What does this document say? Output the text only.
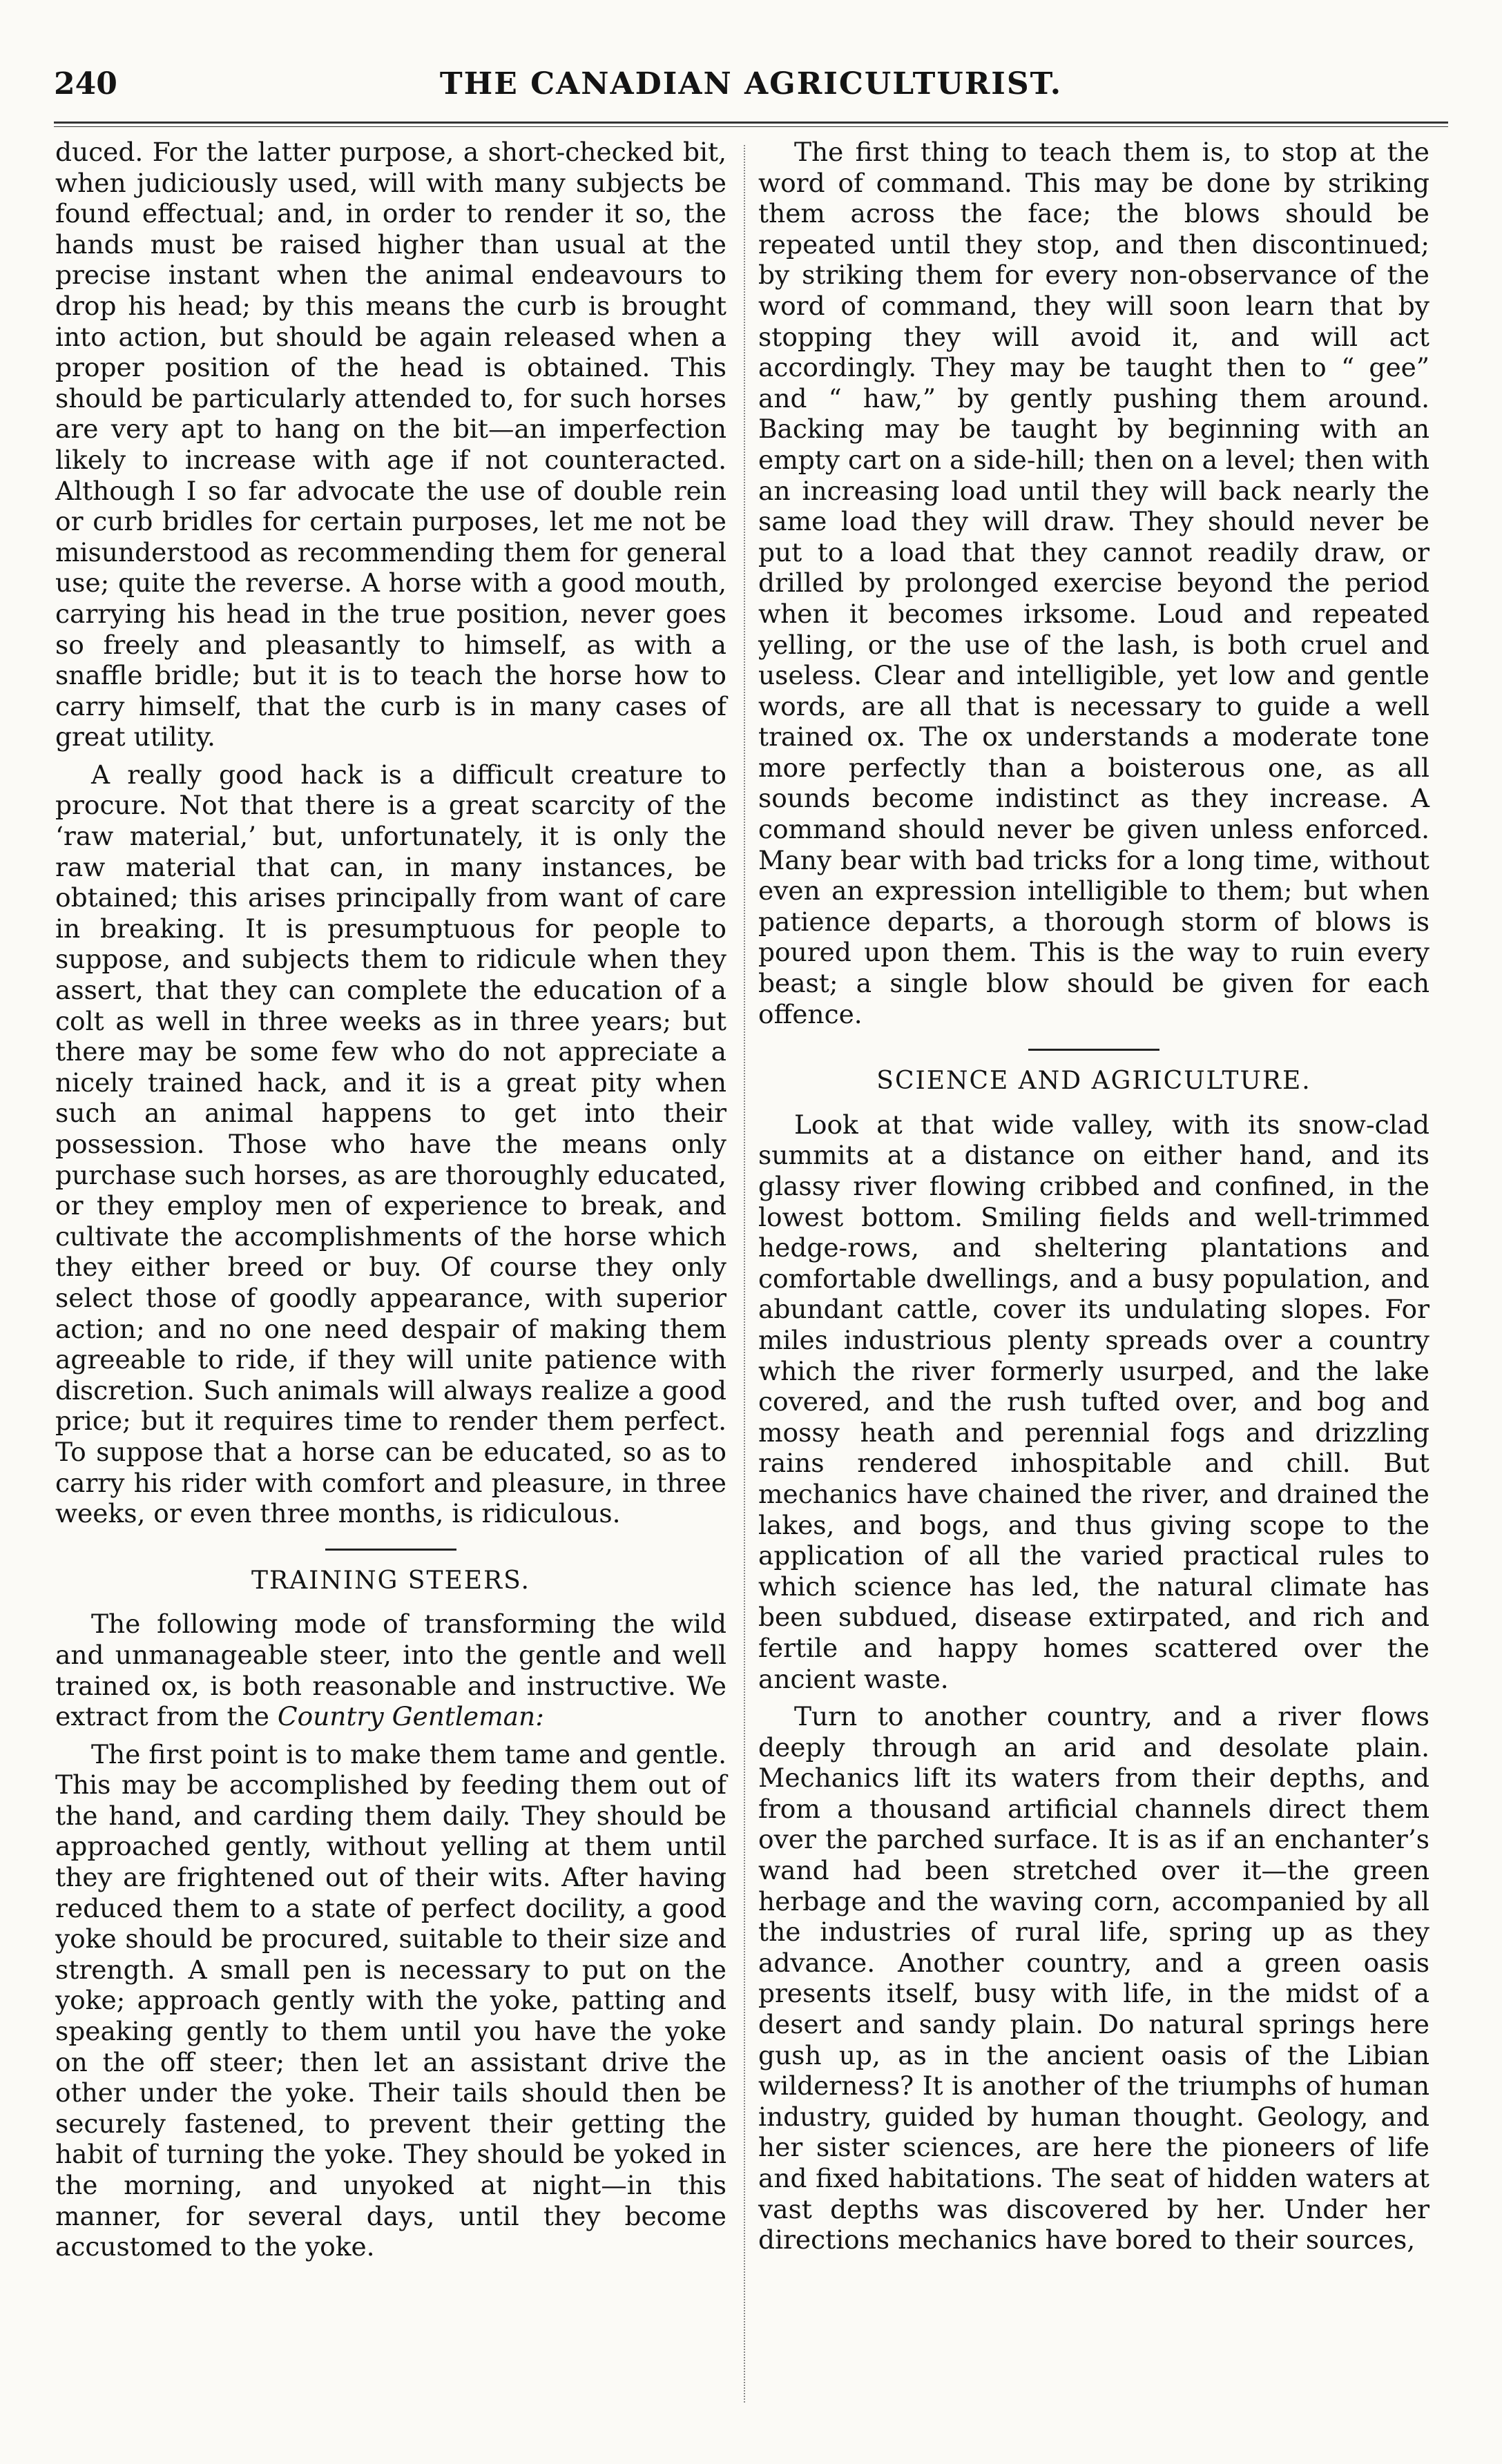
240	THE CANADIAN AGRICULTURIST.

duced. For the latter purpose, a short-checked bit, when judiciously used, will with many subjects be found effectual; and, in order to render it so, the hands must be raised higher than usual at the precise instant when the animal endeavours to drop his head; by this means the curb is brought into action, but should be again released when a proper position of the head is obtained. This should be particularly attended to, for such horses are very apt to hang on the bit—an imperfection likely to increase with age if not counteracted. Although I so far advocate the use of double rein or curb bridles for certain purposes, let me not be misunderstood as recommending them for general use; quite the reverse. A horse with a good mouth, carrying his head in the true position, never goes so freely and pleasantly to himself, as with a snaffle bridle; but it is to teach the horse how to carry himself, that the curb is in many cases of great utility.

A really good hack is a difficult creature to procure. Not that there is a great scarcity of the ‘raw material,’ but, unfortunately, it is only the raw material that can, in many instances, be obtained; this arises principally from want of care in breaking. It is presumptuous for people to suppose, and subjects them to ridicule when they assert, that they can complete the education of a colt as well in three weeks as in three years; but there may be some few who do not appreciate a nicely trained hack, and it is a great pity when such an animal happens to get into their possession. Those who have the means only purchase such horses, as are thoroughly educated, or they employ men of experience to break, and cultivate the accomplishments of the horse which they either breed or buy. Of course they only select those of goodly appearance, with superior action; and no one need despair of making them agreeable to ride, if they will unite patience with discretion. Such animals will always realize a good price; but it requires time to render them perfect. To suppose that a horse can be educated, so as to carry his rider with comfort and pleasure, in three weeks, or even three months, is ridiculous.

TRAINING STEERS.

The following mode of transforming the wild and unmanageable steer, into the gentle and well trained ox, is both reasonable and instructive. We extract from the Country Gentleman:

The first point is to make them tame and gentle. This may be accomplished by feeding them out of the hand, and carding them daily. They should be approached gently, without yelling at them until they are frightened out of their wits. After having reduced them to a state of perfect docility, a good yoke should be procured, suitable to their size and strength. A small pen is necessary to put on the yoke; approach gently with the yoke, patting and speaking gently to them until you have the yoke on the off steer; then let an assistant drive the other under the yoke. Their tails should then be securely fastened, to prevent their getting the habit of turning the yoke. They should be yoked in the morning, and unyoked at night—in this manner, for several days, until they become accustomed to the yoke.

The first thing to teach them is, to stop at the word of command. This may be done by striking them across the face; the blows should be repeated until they stop, and then discontinued; by striking them for every non-observance of the word of command, they will soon learn that by stopping they will avoid it, and will act accordingly. They may be taught then to “ gee” and “ haw,” by gently pushing them around. Backing may be taught by beginning with an empty cart on a side-hill; then on a level; then with an increasing load until they will back nearly the same load they will draw. They should never be put to a load that they cannot readily draw, or drilled by prolonged exercise beyond the period when it becomes irksome. Loud and repeated yelling, or the use of the lash, is both cruel and useless. Clear and intelligible, yet low and gentle words, are all that is necessary to guide a well trained ox. The ox understands a moderate tone more perfectly than a boisterous one, as all sounds become indistinct as they increase. A command should never be given unless enforced. Many bear with bad tricks for a long time, without even an expression intelligible to them; but when patience departs, a thorough storm of blows is poured upon them. This is the way to ruin every beast; a single blow should be given for each offence.

SCIENCE AND AGRICULTURE.

Look at that wide valley, with its snow-clad summits at a distance on either hand, and its glassy river flowing cribbed and confined, in the lowest bottom. Smiling fields and well-trimmed hedge-rows, and sheltering plantations and comfortable dwellings, and a busy population, and abundant cattle, cover its undulating slopes. For miles industrious plenty spreads over a country which the river formerly usurped, and the lake covered, and the rush tufted over, and bog and mossy heath and perennial fogs and drizzling rains rendered inhospitable and chill. But mechanics have chained the river, and drained the lakes, and bogs, and thus giving scope to the application of all the varied practical rules to which science has led, the natural climate has been subdued, disease extirpated, and rich and fertile and happy homes scattered over the ancient waste.

Turn to another country, and a river flows deeply through an arid and desolate plain. Mechanics lift its waters from their depths, and from a thousand artificial channels direct them over the parched surface. It is as if an enchanter’s wand had been stretched over it—the green herbage and the waving corn, accompanied by all the industries of rural life, spring up as they advance. Another country, and a green oasis presents itself, busy with life, in the midst of a desert and sandy plain. Do natural springs here gush up, as in the ancient oasis of the Libian wilderness? It is another of the triumphs of human industry, guided by human thought. Geology, and her sister sciences, are here the pioneers of life and fixed habitations. The seat of hidden waters at vast depths was discovered by her. Under her directions mechanics have bored to their sources,
